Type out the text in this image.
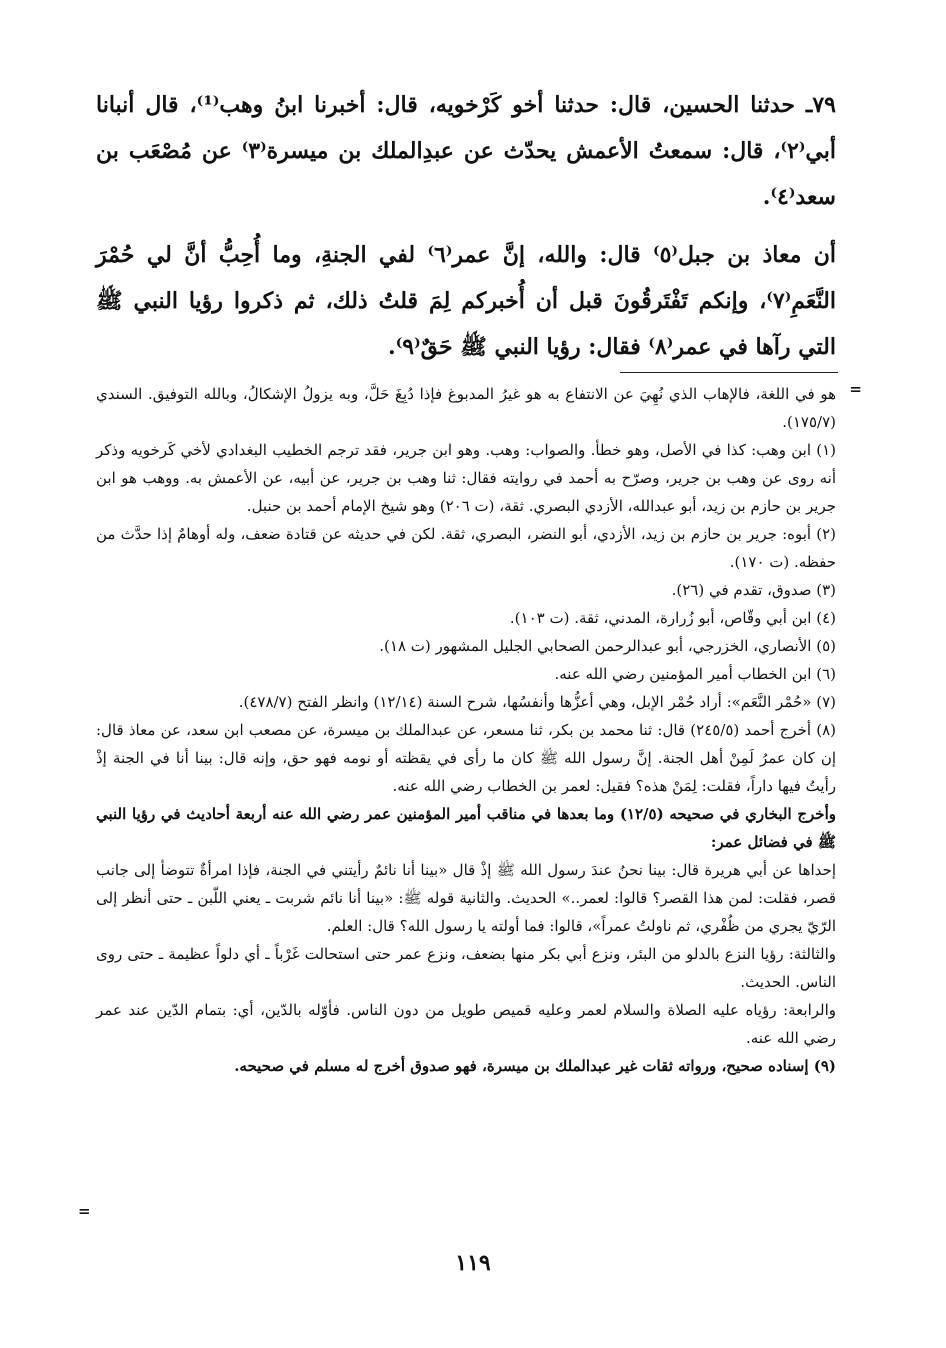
٧٩ـ حدثنا الحسين، قال: حدثنا أخو كَرْخويه، قال: أخبرنا ابنُ وهب⁽¹⁾، قال أنبانا أبي⁽٢⁾، قال: سمعتُ الأعمش يحدّث عن عبدِالملك بن ميسرة⁽٣⁾ عن مُصْعَب بن سعد⁽٤⁾.

أن معاذ بن جبل⁽٥⁾ قال: والله، إنَّ عمر⁽٦⁾ لفي الجنةِ، وما أُحِبُّ أنَّ لي حُمْرَ النَّعَمِ⁽٧⁾، وإنكم تَفْتَرقُونَ قبل أن أُخبركم لِمَ قلتُ ذلك، ثم ذكروا رؤيا النبي ﷺ التي رآها في عمر⁽٨⁾ فقال: رؤيا النبي ﷺ حَقٌ⁽٩⁾.

=

هو في اللغة، فالإهاب الذي نُهِيَ عن الانتفاع به هو غيرُ المدبوغ فإذا دُبِغَ حَلَّ، وبه يزولُ الإشكالُ، وبالله التوفيق. السندي (١٧٥/٧).

(١) ابن وهب: كذا في الأصل، وهو خطأ. والصواب: وهب. وهو ابن جرير، فقد ترجم الخطيب البغدادي لأخي كَرخويه وذكر أنه روى عن وهب بن جرير، وصرّح به أحمد في روايته فقال: ثنا وهب بن جرير، عن أبيه، عن الأعمش به. ووهب هو ابن جرير بن حازم بن زيد، أبو عبدالله، الأزدي البصري. ثقة، (ت ٢٠٦) وهو شيخ الإمام أحمد بن حنبل.

(٢) أبوه: جرير بن حازم بن زيد، الأزدي، أبو النضر، البصري، ثقة. لكن في حديثه عن قتادة ضعف، وله أوهامٌ إذا حدَّث من حفظه. (ت ١٧٠).

(٣) صدوق، تقدم في (٢٦).

(٤) ابن أبي وقّاص، أبو زُرارة، المدني، ثقة. (ت ١٠٣).

(٥) الأنصاري، الخزرجي، أبو عبدالرحمن الصحابي الجليل المشهور (ت ١٨).

(٦) ابن الخطاب أمير المؤمنين رضي الله عنه.

(٧) «حُمْر النَّعَم»: أراد حُمْر الإبل، وهي أعزُّها وأنفسُها، شرح السنة (١٢/١٤) وانظر الفتح (٤٧٨/٧).

(٨) أخرج أحمد (٢٤٥/٥) قال: ثنا محمد بن بكر، ثنا مسعر، عن عبدالملك بن ميسرة، عن مصعب ابن سعد، عن معاذ قال: إن كان عمرُ لَمِنْ أهل الجنة. إنَّ رسول الله ﷺ كان ما رأى في يقظته أو نومه فهو حق، وإنه قال: بينا أنا في الجنة إذْ رأيتُ فيها داراً، فقلت: لِمَنْ هذه؟ فقيل: لعمر بن الخطاب رضي الله عنه.

وأخرج البخاري في صحيحه (١٢/٥) وما بعدها في مناقب أمير المؤمنين عمر رضي الله عنه أربعة أحاديث في رؤيا النبي ﷺ في فضائل عمر:

إحداها عن أبي هريرة قال: بينا نحنُ عندَ رسول الله ﷺ إذْ قال «بينا أنا نائمٌ رأيتني في الجنة، فإذا امرأةٌ تتوضأ إلى جانب قصر، فقلت: لمن هذا القصر؟ قالوا: لعمر..» الحديث. والثانية قوله ﷺ: «بينا أنا نائم شربت ـ يعني اللّبن ـ حتى أنظر إلى الرّيّ يجري من ظُفْري، ثم ناولتُ عمراً»، قالوا: فما أولته يا رسول الله؟ قال: العلم.

والثالثة: رؤيا النزع بالدلو من البئر، ونزع أبي بكر منها بضعف، ونزع عمر حتى استحالت غَرْباً ـ أي دلواً عظيمة ـ حتى روى الناس. الحديث.

والرابعة: رؤياه عليه الصلاة والسلام لعمر وعليه قميص طويل من دون الناس. فأوّله بالدّين، أي: بتمام الدّين عند عمر رضي الله عنه.

(٩) إسناده صحيح، ورواته ثقات غير عبدالملك بن ميسرة، فهو صدوق أخرج له مسلم في صحيحه.

=
١١٩
